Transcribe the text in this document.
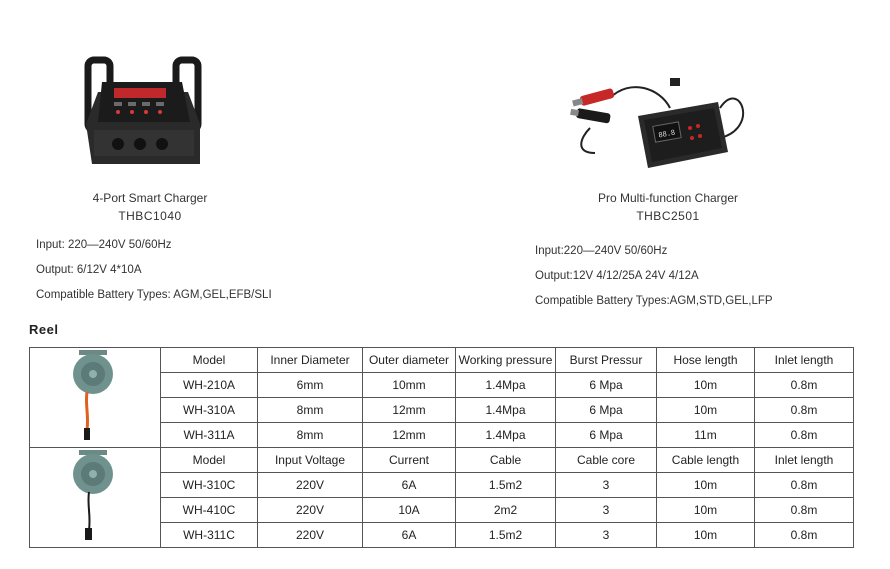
4-Port Smart Charger
THBC1040
Input: 220—240V 50/60Hz
Output: 6/12V 4*10A
Compatible Battery Types: AGM,GEL,EFB/SLI
88.8
Pro Multi-function Charger
THBC2501
Input:220—240V 50/60Hz
Output:12V 4/12/25A 24V 4/12A
Compatible Battery Types:AGM,STD,GEL,LFP
Reel
	Model	Inner Diameter	Outer diameter	Working pressure	Burst Pressur	Hose length	Inlet length
	WH-210A	6mm	10mm	1.4Mpa	6 Mpa	10m	0.8m
	WH-310A	8mm	12mm	1.4Mpa	6 Mpa	10m	0.8m
	WH-311A	8mm	12mm	1.4Mpa	6 Mpa	11m	0.8m
	Model	Input Voltage	Current	Cable	Cable core	Cable length	Inlet length
	WH-310C	220V	6A	1.5m2	3	10m	0.8m
	WH-410C	220V	10A	2m2	3	10m	0.8m
	WH-311C	220V	6A	1.5m2	3	10m	0.8m
